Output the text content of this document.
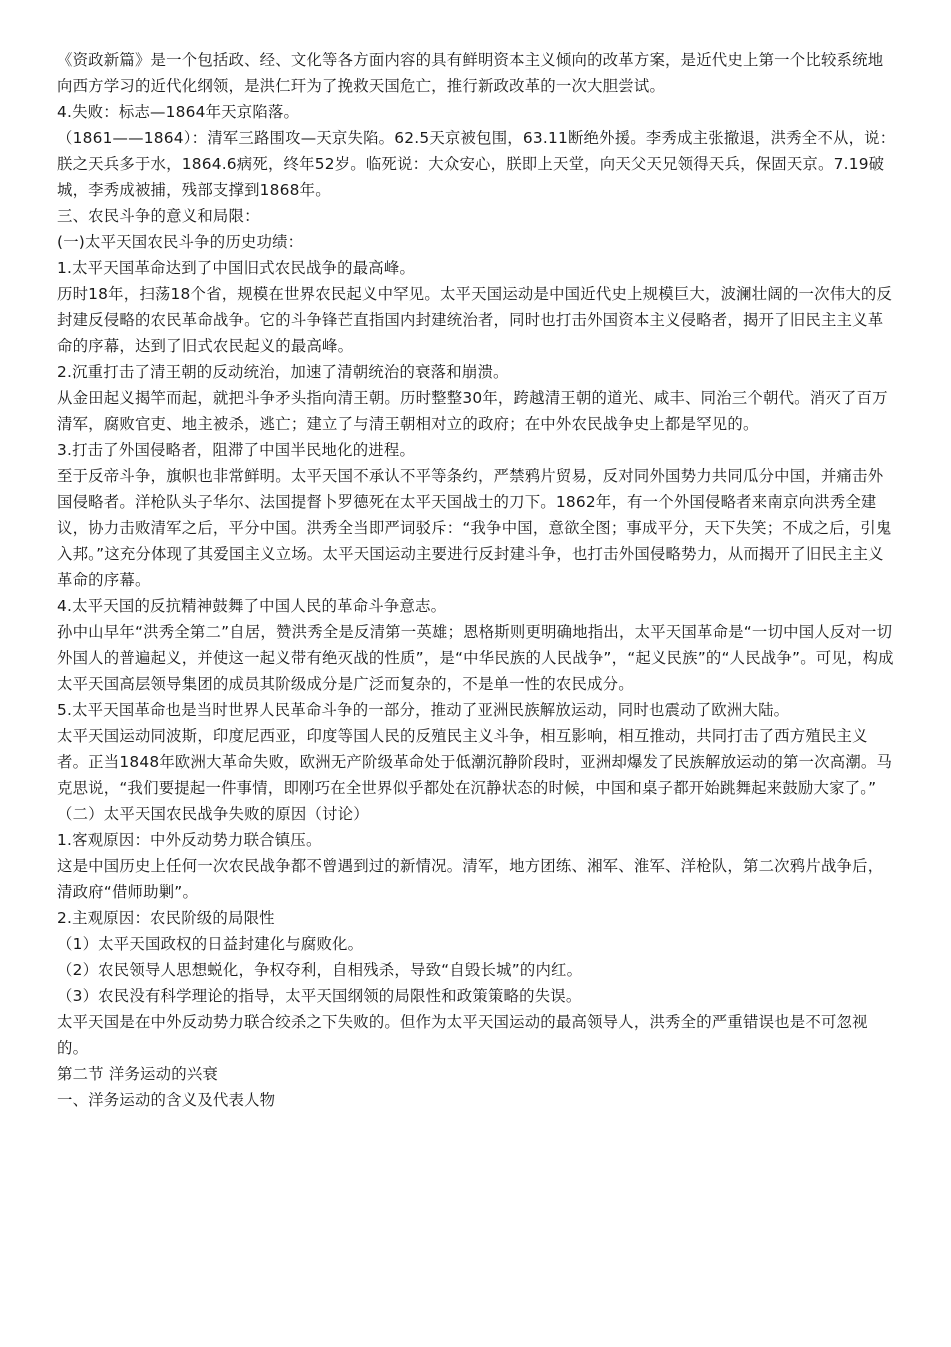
《资政新篇》是一个包括政、经、文化等各方面内容的具有鲜明资本主义倾向的改革方案，是近代史上第一个比较系统地向西方学习的近代化纲领，是洪仁玕为了挽救天国危亡，推行新政改革的一次大胆尝试。

4.失败：标志—1864年天京陷落。

（1861——1864）：清军三路围攻—天京失陷。62.5天京被包围，63.11断绝外援。李秀成主张撤退，洪秀全不从，说：朕之天兵多于水，1864.6病死，终年52岁。临死说：大众安心，朕即上天堂，向天父天兄领得天兵，保固天京。7.19破城，李秀成被捕，残部支撑到1868年。

三、农民斗争的意义和局限：

(一)太平天国农民斗争的历史功绩：

1.太平天国革命达到了中国旧式农民战争的最高峰。

历时18年，扫荡18个省，规模在世界农民起义中罕见。太平天国运动是中国近代史上规模巨大，波澜壮阔的一次伟大的反封建反侵略的农民革命战争。它的斗争锋芒直指国内封建统治者，同时也打击外国资本主义侵略者，揭开了旧民主主义革命的序幕，达到了旧式农民起义的最高峰。

2.沉重打击了清王朝的反动统治，加速了清朝统治的衰落和崩溃。

从金田起义揭竿而起，就把斗争矛头指向清王朝。历时整整30年，跨越清王朝的道光、咸丰、同治三个朝代。消灭了百万清军，腐败官吏、地主被杀，逃亡；建立了与清王朝相对立的政府；在中外农民战争史上都是罕见的。

3.打击了外国侵略者，阻滞了中国半民地化的进程。

至于反帝斗争，旗帜也非常鲜明。太平天国不承认不平等条约，严禁鸦片贸易，反对同外国势力共同瓜分中国，并痛击外国侵略者。洋枪队头子华尔、法国提督卜罗德死在太平天国战士的刀下。1862年，有一个外国侵略者来南京向洪秀全建议，协力击败清军之后，平分中国。洪秀全当即严词驳斥：“我争中国，意欲全图；事成平分，天下失笑；不成之后，引鬼入邦。”这充分体现了其爱国主义立场。太平天国运动主要进行反封建斗争，也打击外国侵略势力，从而揭开了旧民主主义革命的序幕。

4.太平天国的反抗精神鼓舞了中国人民的革命斗争意志。

孙中山早年“洪秀全第二”自居，赞洪秀全是反清第一英雄；恩格斯则更明确地指出，太平天国革命是“一切中国人反对一切外国人的普遍起义，并使这一起义带有绝灭战的性质”，是“中华民族的人民战争”，“起义民族”的“人民战争”。可见，构成太平天国高层领导集团的成员其阶级成分是广泛而复杂的，不是单一性的农民成分。

5.太平天国革命也是当时世界人民革命斗争的一部分，推动了亚洲民族解放运动，同时也震动了欧洲大陆。

太平天国运动同波斯，印度尼西亚，印度等国人民的反殖民主义斗争，相互影响，相互推动，共同打击了西方殖民主义者。正当1848年欧洲大革命失败，欧洲无产阶级革命处于低潮沉静阶段时，亚洲却爆发了民族解放运动的第一次高潮。马克思说，“我们要提起一件事情，即刚巧在全世界似乎都处在沉静状态的时候，中国和桌子都开始跳舞起来鼓励大家了。”

（二）太平天国农民战争失败的原因（讨论）

1.客观原因：中外反动势力联合镇压。

这是中国历史上任何一次农民战争都不曾遇到过的新情况。清军，地方团练、湘军、淮军、洋枪队，第二次鸦片战争后，清政府“借师助剿”。

2.主观原因：农民阶级的局限性

（1）太平天国政权的日益封建化与腐败化。

（2）农民领导人思想蜕化，争权夺利，自相残杀，导致“自毁长城”的内红。

（3）农民没有科学理论的指导，太平天国纲领的局限性和政策策略的失误。

太平天国是在中外反动势力联合绞杀之下失败的。但作为太平天国运动的最高领导人，洪秀全的严重错误也是不可忽视的。

第二节 洋务运动的兴衰

一、洋务运动的含义及代表人物
